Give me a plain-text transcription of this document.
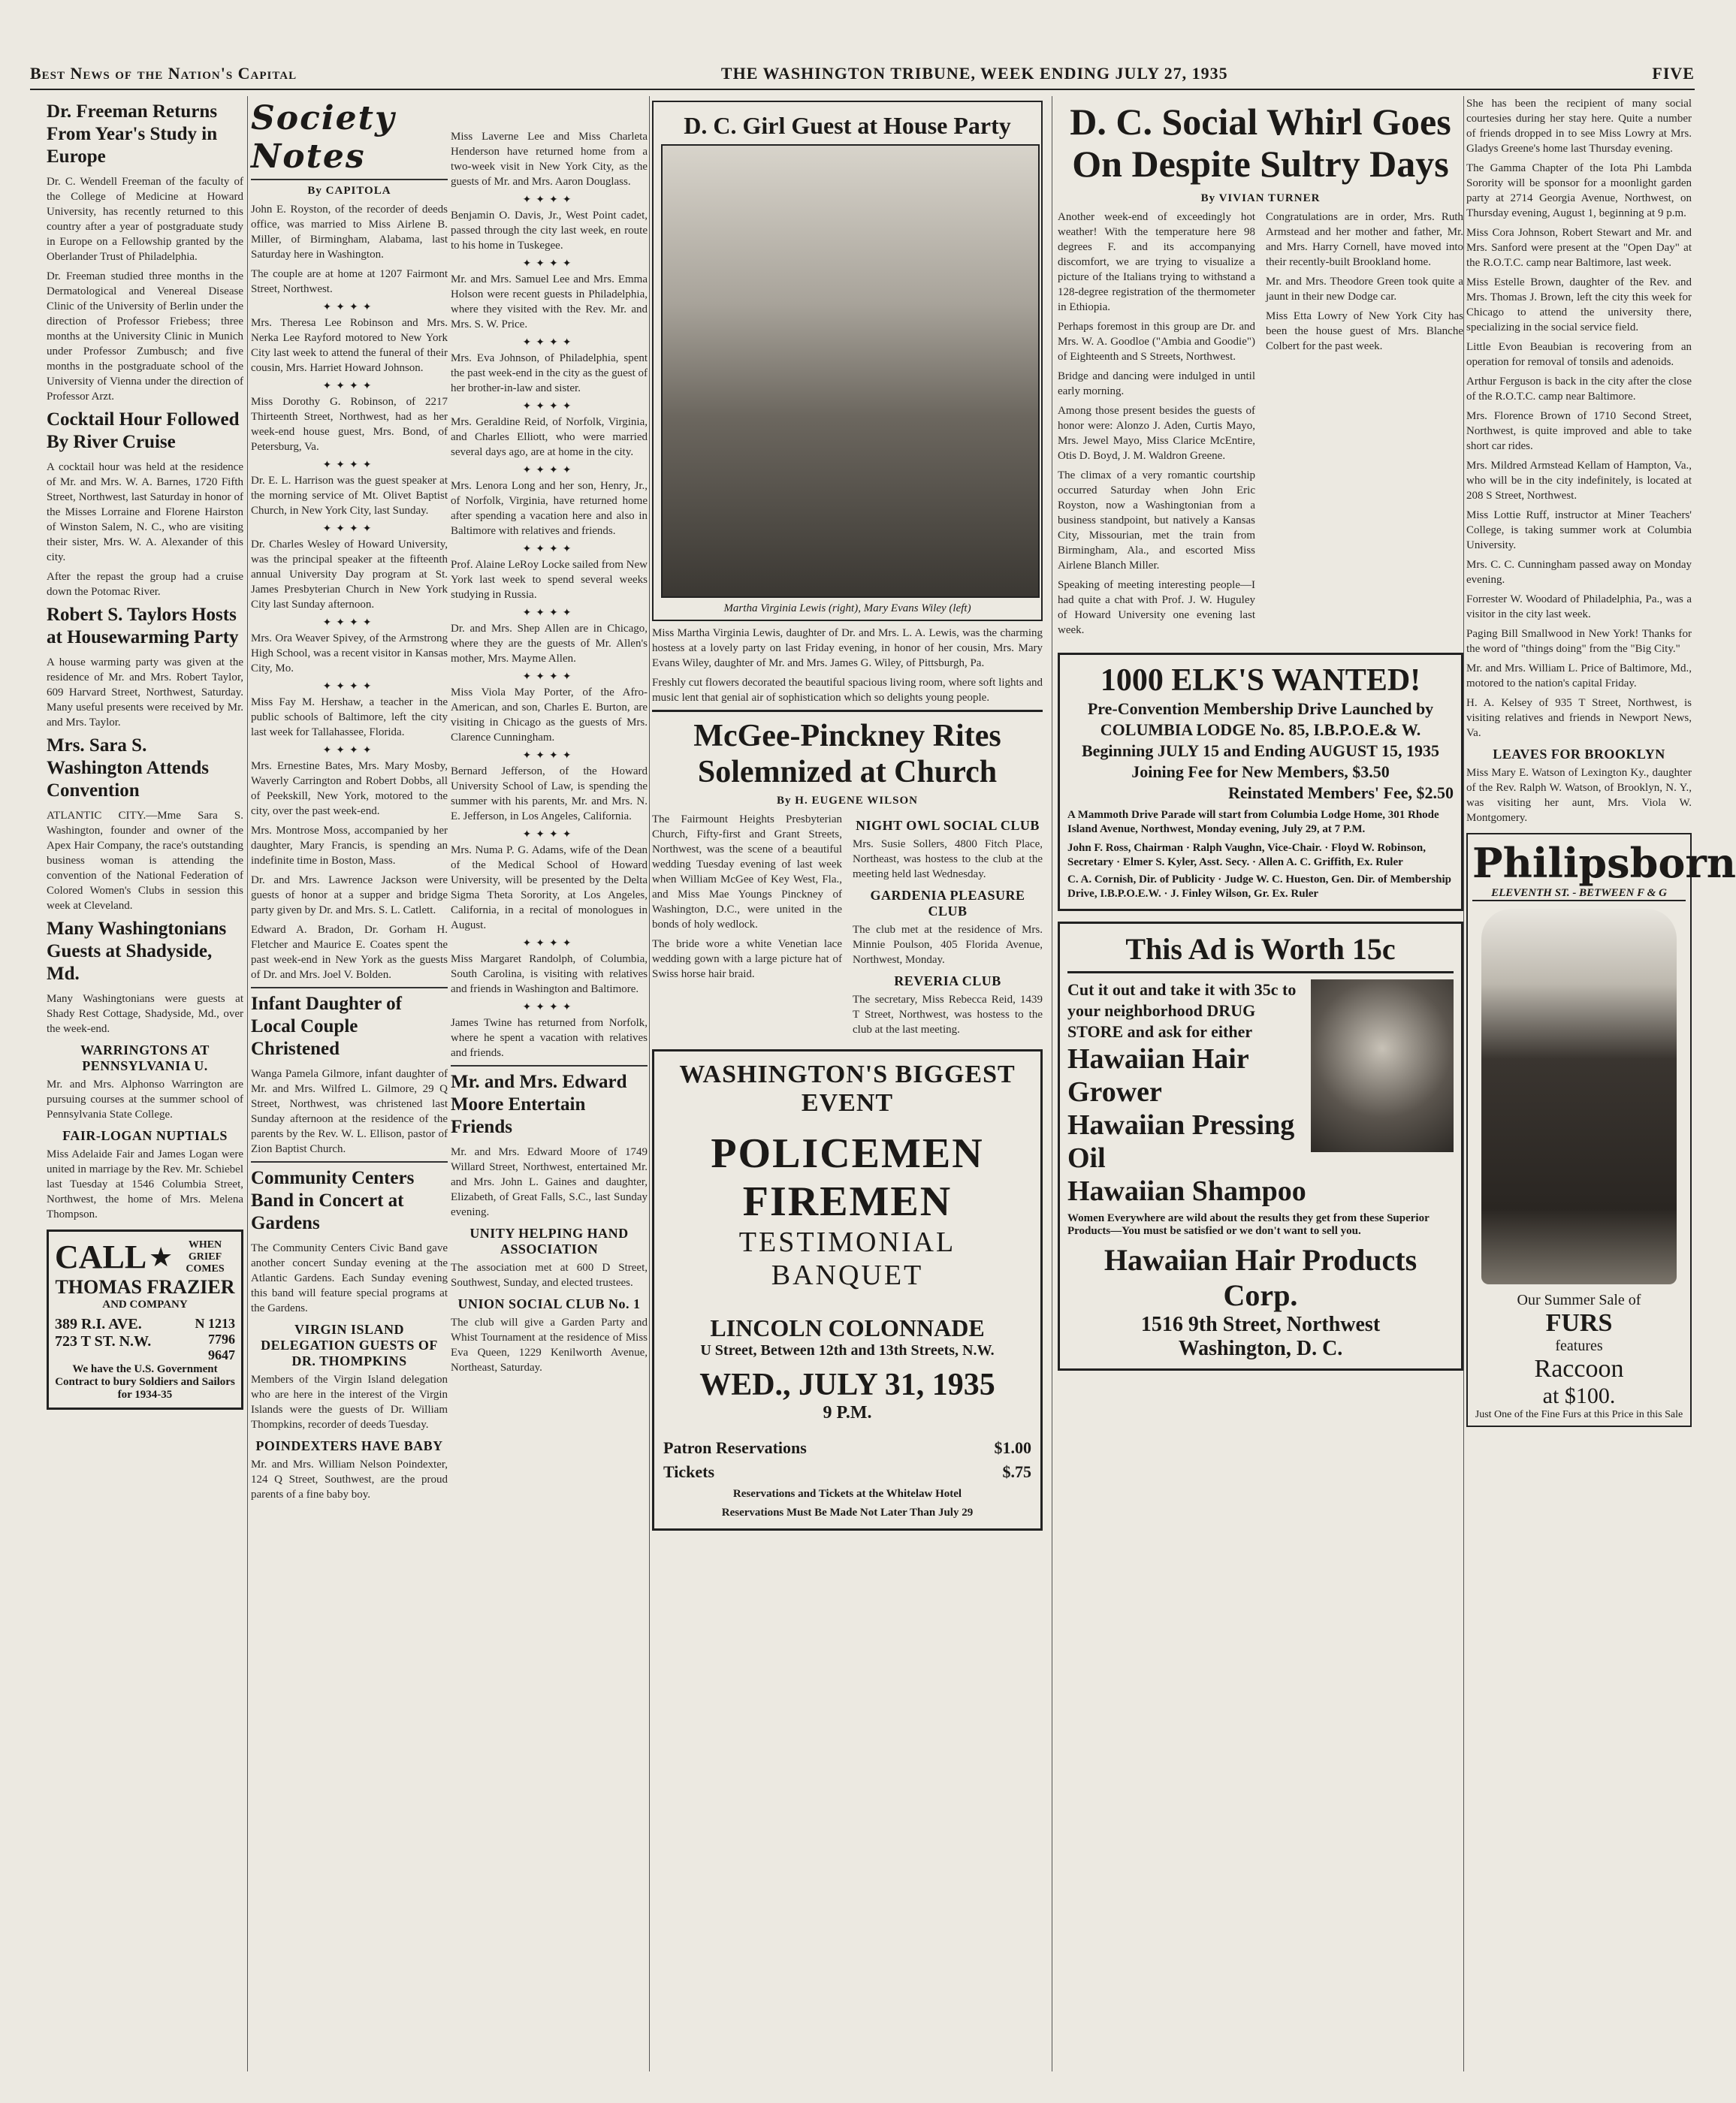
Best News of the Nation's Capital	THE WASHINGTON TRIBUNE, WEEK ENDING JULY 27, 1935	FIVE
Dr. Freeman Returns From Year's Study in Europe

Dr. C. Wendell Freeman of the faculty of the College of Medicine at Howard University, has recently returned to this country after a year of postgraduate study in Europe on a Fellowship granted by the Oberlander Trust of Philadelphia.

Dr. Freeman studied three months in the Dermatological and Venereal Disease Clinic of the University of Berlin under the direction of Professor Friebess; three months at the University Clinic in Munich under Professor Zumbusch; and five months in the postgraduate school of the University of Vienna under the direction of Professor Arzt.

Cocktail Hour Followed By River Cruise

A cocktail hour was held at the residence of Mr. and Mrs. W. A. Barnes, 1720 Fifth Street, Northwest, last Saturday in honor of the Misses Lorraine and Florene Hairston of Winston Salem, N. C., who are visiting their sister, Mrs. W. A. Alexander of this city.

After the repast the group had a cruise down the Potomac River.

Robert S. Taylors Hosts at Housewarming Party

A house warming party was given at the residence of Mr. and Mrs. Robert Taylor, 609 Harvard Street, Northwest, Saturday. Many useful presents were received by Mr. and Mrs. Taylor.

Mrs. Sara S. Washington Attends Convention

ATLANTIC CITY.—Mme Sara S. Washington, founder and owner of the Apex Hair Company, the race's outstanding business woman is attending the convention of the National Federation of Colored Women's Clubs in session this week at Cleveland.

Many Washingtonians Guests at Shadyside, Md.

Many Washingtonians were guests at Shady Rest Cottage, Shadyside, Md., over the week-end.

WARRINGTONS AT PENNSYLVANIA U.

Mr. and Mrs. Alphonso Warrington are pursuing courses at the summer school of Pennsylvania State College.

FAIR-LOGAN NUPTIALS

Miss Adelaide Fair and James Logan were united in marriage by the Rev. Mr. Schiebel last Tuesday at 1546 Columbia Street, Northwest, the home of Mrs. Melena Thompson.

CALL ★	WHEN GRIEF COMES
THOMAS FRAZIER
AND COMPANY
389 R.I. AVE.
723 T ST. N.W.
N 1213
7796
9647
We have the U.S. Government Contract to bury Soldiers and Sailors for 1934-35
Society Notes
By CAPITOLA

John E. Royston, of the recorder of deeds office, was married to Miss Airlene B. Miller, of Birmingham, Alabama, last Saturday here in Washington.

The couple are at home at 1207 Fairmont Street, Northwest.

✦✦✦✦

Mrs. Theresa Lee Robinson and Mrs. Nerka Lee Rayford motored to New York City last week to attend the funeral of their cousin, Mrs. Harriet Howard Johnson.

✦✦✦✦

Miss Dorothy G. Robinson, of 2217 Thirteenth Street, Northwest, had as her week-end house guest, Mrs. Bond, of Petersburg, Va.

✦✦✦✦

Dr. E. L. Harrison was the guest speaker at the morning service of Mt. Olivet Baptist Church, in New York City, last Sunday.

✦✦✦✦

Dr. Charles Wesley of Howard University, was the principal speaker at the fifteenth annual University Day program at St. James Presbyterian Church in New York City last Sunday afternoon.

✦✦✦✦

Mrs. Ora Weaver Spivey, of the Armstrong High School, was a recent visitor in Kansas City, Mo.

✦✦✦✦

Miss Fay M. Hershaw, a teacher in the public schools of Baltimore, left the city last week for Tallahassee, Florida.

✦✦✦✦

Mrs. Ernestine Bates, Mrs. Mary Mosby, Waverly Carrington and Robert Dobbs, all of Peekskill, New York, motored to the city, over the past week-end.

Mrs. Montrose Moss, accompanied by her daughter, Mary Francis, is spending an indefinite time in Boston, Mass.

Dr. and Mrs. Lawrence Jackson were guests of honor at a supper and bridge party given by Dr. and Mrs. S. L. Catlett.

Edward A. Bradon, Dr. Gorham H. Fletcher and Maurice E. Coates spent the past week-end in New York as the guests of Dr. and Mrs. Joel V. Bolden.

Infant Daughter of Local Couple Christened

Wanga Pamela Gilmore, infant daughter of Mr. and Mrs. Wilfred L. Gilmore, 29 Q Street, Northwest, was christened last Sunday afternoon at the residence of the parents by the Rev. W. L. Ellison, pastor of Zion Baptist Church.

Community Centers Band in Concert at Gardens

The Community Centers Civic Band gave another concert Sunday evening at the Atlantic Gardens. Each Sunday evening this band will feature special programs at the Gardens.

VIRGIN ISLAND DELEGATION GUESTS OF DR. THOMPKINS

Members of the Virgin Island delegation who are here in the interest of the Virgin Islands were the guests of Dr. William Thompkins, recorder of deeds Tuesday.

POINDEXTERS HAVE BABY

Mr. and Mrs. William Nelson Poindexter, 124 Q Street, Southwest, are the proud parents of a fine baby boy.

Miss Laverne Lee and Miss Charleta Henderson have returned home from a two-week visit in New York City, as the guests of Mr. and Mrs. Aaron Douglass.

✦✦✦✦

Benjamin O. Davis, Jr., West Point cadet, passed through the city last week, en route to his home in Tuskegee.

✦✦✦✦

Mr. and Mrs. Samuel Lee and Mrs. Emma Holson were recent guests in Philadelphia, where they visited with the Rev. Mr. and Mrs. S. W. Price.

✦✦✦✦

Mrs. Eva Johnson, of Philadelphia, spent the past week-end in the city as the guest of her brother-in-law and sister.

✦✦✦✦

Mrs. Geraldine Reid, of Norfolk, Virginia, and Charles Elliott, who were married several days ago, are at home in the city.

✦✦✦✦

Mrs. Lenora Long and her son, Henry, Jr., of Norfolk, Virginia, have returned home after spending a vacation here and also in Baltimore with relatives and friends.

✦✦✦✦

Prof. Alaine LeRoy Locke sailed from New York last week to spend several weeks studying in Russia.

✦✦✦✦

Dr. and Mrs. Shep Allen are in Chicago, where they are the guests of Mr. Allen's mother, Mrs. Mayme Allen.

✦✦✦✦

Miss Viola May Porter, of the Afro-American, and son, Charles E. Burton, are visiting in Chicago as the guests of Mrs. Clarence Cunningham.

✦✦✦✦

Bernard Jefferson, of the Howard University School of Law, is spending the summer with his parents, Mr. and Mrs. N. E. Jefferson, in Los Angeles, California.

✦✦✦✦

Mrs. Numa P. G. Adams, wife of the Dean of the Medical School of Howard University, will be presented by the Delta Sigma Theta Sorority, at Los Angeles, California, in a recital of monologues in August.

✦✦✦✦

Miss Margaret Randolph, of Columbia, South Carolina, is visiting with relatives and friends in Washington and Baltimore.

✦✦✦✦

James Twine has returned from Norfolk, where he spent a vacation with relatives and friends.

Mr. and Mrs. Edward Moore Entertain Friends

Mr. and Mrs. Edward Moore of 1749 Willard Street, Northwest, entertained Mr. and Mrs. John L. Gaines and daughter, Elizabeth, of Great Falls, S.C., last Sunday evening.

UNITY HELPING HAND ASSOCIATION

The association met at 600 D Street, Southwest, Sunday, and elected trustees.

UNION SOCIAL CLUB No. 1

The club will give a Garden Party and Whist Tournament at the residence of Miss Eva Queen, 1229 Kenilworth Avenue, Northeast, Saturday.

D. C. Girl Guest at House Party
Martha Virginia Lewis (right), Mary Evans Wiley (left)

Miss Martha Virginia Lewis, daughter of Dr. and Mrs. L. A. Lewis, was the charming hostess at a lovely party on last Friday evening, in honor of her cousin, Mrs. Mary Evans Wiley, daughter of Mr. and Mrs. James G. Wiley, of Pittsburgh, Pa.

Freshly cut flowers decorated the beautiful spacious living room, where soft lights and music lent that genial air of sophistication which so delights young people.

McGee-Pinckney Rites Solemnized at Church
By H. EUGENE WILSON

The Fairmount Heights Presbyterian Church, Fifty-first and Grant Streets, Northwest, was the scene of a beautiful wedding Tuesday evening of last week when William McGee of Key West, Fla., and Miss Mae Youngs Pinckney of Washington, D.C., were united in the bonds of holy wedlock.

The bride wore a white Venetian lace wedding gown with a large picture hat of Swiss horse hair braid.

NIGHT OWL SOCIAL CLUB

Mrs. Susie Sollers, 4800 Fitch Place, Northeast, was hostess to the club at the meeting held last Wednesday.

GARDENIA PLEASURE CLUB

The club met at the residence of Mrs. Minnie Poulson, 405 Florida Avenue, Northwest, Monday.

REVERIA CLUB

The secretary, Miss Rebecca Reid, 1439 T Street, Northwest, was hostess to the club at the last meeting.

WASHINGTON'S BIGGEST EVENT
POLICEMEN FIREMEN
TESTIMONIAL BANQUET
LINCOLN COLONNADE
U Street, Between 12th and 13th Streets, N.W.
WED., JULY 31, 1935
9 P.M.
Patron Reservations	$1.00
Tickets	$.75
Reservations and Tickets at the Whitelaw Hotel
Reservations Must Be Made Not Later Than July 29
D. C. Social Whirl Goes On Despite Sultry Days
By VIVIAN TURNER

Another week-end of exceedingly hot weather! With the temperature here 98 degrees F. and its accompanying discomfort, we are trying to visualize a picture of the Italians trying to withstand a 128-degree registration of the thermometer in Ethiopia.

Perhaps foremost in this group are Dr. and Mrs. W. A. Goodloe ("Ambia and Goodie") of Eighteenth and S Streets, Northwest.

Bridge and dancing were indulged in until early morning.

Among those present besides the guests of honor were: Alonzo J. Aden, Curtis Mayo, Mrs. Jewel Mayo, Miss Clarice McEntire, Otis D. Boyd, J. M. Waldron Greene.

The climax of a very romantic courtship occurred Saturday when John Eric Royston, now a Washingtonian from a business standpoint, but natively a Kansas City, Missourian, met the train from Birmingham, Ala., and escorted Miss Airlene Blanch Miller.

Speaking of meeting interesting people—I had quite a chat with Prof. J. W. Huguley of Howard University one evening last week.

Congratulations are in order, Mrs. Ruth Armstead and her mother and father, Mr. and Mrs. Harry Cornell, have moved into their recently-built Brookland home.

Mr. and Mrs. Theodore Green took quite a jaunt in their new Dodge car.

Miss Etta Lowry of New York City has been the house guest of Mrs. Blanche Colbert for the past week.

1000 ELK'S WANTED!
Pre-Convention Membership Drive Launched by
COLUMBIA LODGE No. 85, I.B.P.O.E.& W.
Beginning JULY 15 and Ending AUGUST 15, 1935
Joining Fee for New Members, $3.50
Reinstated Members' Fee, $2.50
A Mammoth Drive Parade will start from Columbia Lodge Home, 301 Rhode Island Avenue, Northwest, Monday evening, July 29, at 7 P.M.
John F. Ross, Chairman · Ralph Vaughn, Vice-Chair. · Floyd W. Robinson, Secretary · Elmer S. Kyler, Asst. Secy. · Allen A. C. Griffith, Ex. Ruler
C. A. Cornish, Dir. of Publicity · Judge W. C. Hueston, Gen. Dir. of Membership Drive, I.B.P.O.E.W. · J. Finley Wilson, Gr. Ex. Ruler
This Ad is Worth 15c
Cut it out and take it with 35c to your neighborhood DRUG STORE and ask for either
Hawaiian Hair Grower
Hawaiian Pressing Oil
Hawaiian Shampoo
Women Everywhere are wild about the results they get from these Superior Products—You must be satisfied or we don't want to sell you.
Hawaiian Hair Products Corp.
1516 9th Street, Northwest
Washington, D. C.

She has been the recipient of many social courtesies during her stay here. Quite a number of friends dropped in to see Miss Lowry at Mrs. Gladys Greene's home last Thursday evening.

The Gamma Chapter of the Iota Phi Lambda Sorority will be sponsor for a moonlight garden party at 2714 Georgia Avenue, Northwest, on Thursday evening, August 1, beginning at 9 p.m.

Miss Cora Johnson, Robert Stewart and Mr. and Mrs. Sanford were present at the "Open Day" at the R.O.T.C. camp near Baltimore, last week.

Miss Estelle Brown, daughter of the Rev. and Mrs. Thomas J. Brown, left the city this week for Chicago to attend the university there, specializing in the social service field.

Little Evon Beaubian is recovering from an operation for removal of tonsils and adenoids.

Arthur Ferguson is back in the city after the close of the R.O.T.C. camp near Baltimore.

Mrs. Florence Brown of 1710 Second Street, Northwest, is quite improved and able to take short car rides.

Mrs. Mildred Armstead Kellam of Hampton, Va., who will be in the city indefinitely, is located at 208 S Street, Northwest.

Miss Lottie Ruff, instructor at Miner Teachers' College, is taking summer work at Columbia University.

Mrs. C. C. Cunningham passed away on Monday evening.

Forrester W. Woodard of Philadelphia, Pa., was a visitor in the city last week.

Paging Bill Smallwood in New York! Thanks for the word of "things doing" from the "Big City."

Mr. and Mrs. William L. Price of Baltimore, Md., motored to the nation's capital Friday.

H. A. Kelsey of 935 T Street, Northwest, is visiting relatives and friends in Newport News, Va.

LEAVES FOR BROOKLYN

Miss Mary E. Watson of Lexington Ky., daughter of the Rev. Ralph W. Watson, of Brooklyn, N. Y., was visiting her aunt, Mrs. Viola W. Montgomery.

Philipsborn
ELEVENTH ST. - BETWEEN F & G
Our Summer Sale of
FURS
features
Raccoon
at $100.
Just One of the Fine Furs at this Price in this Sale
